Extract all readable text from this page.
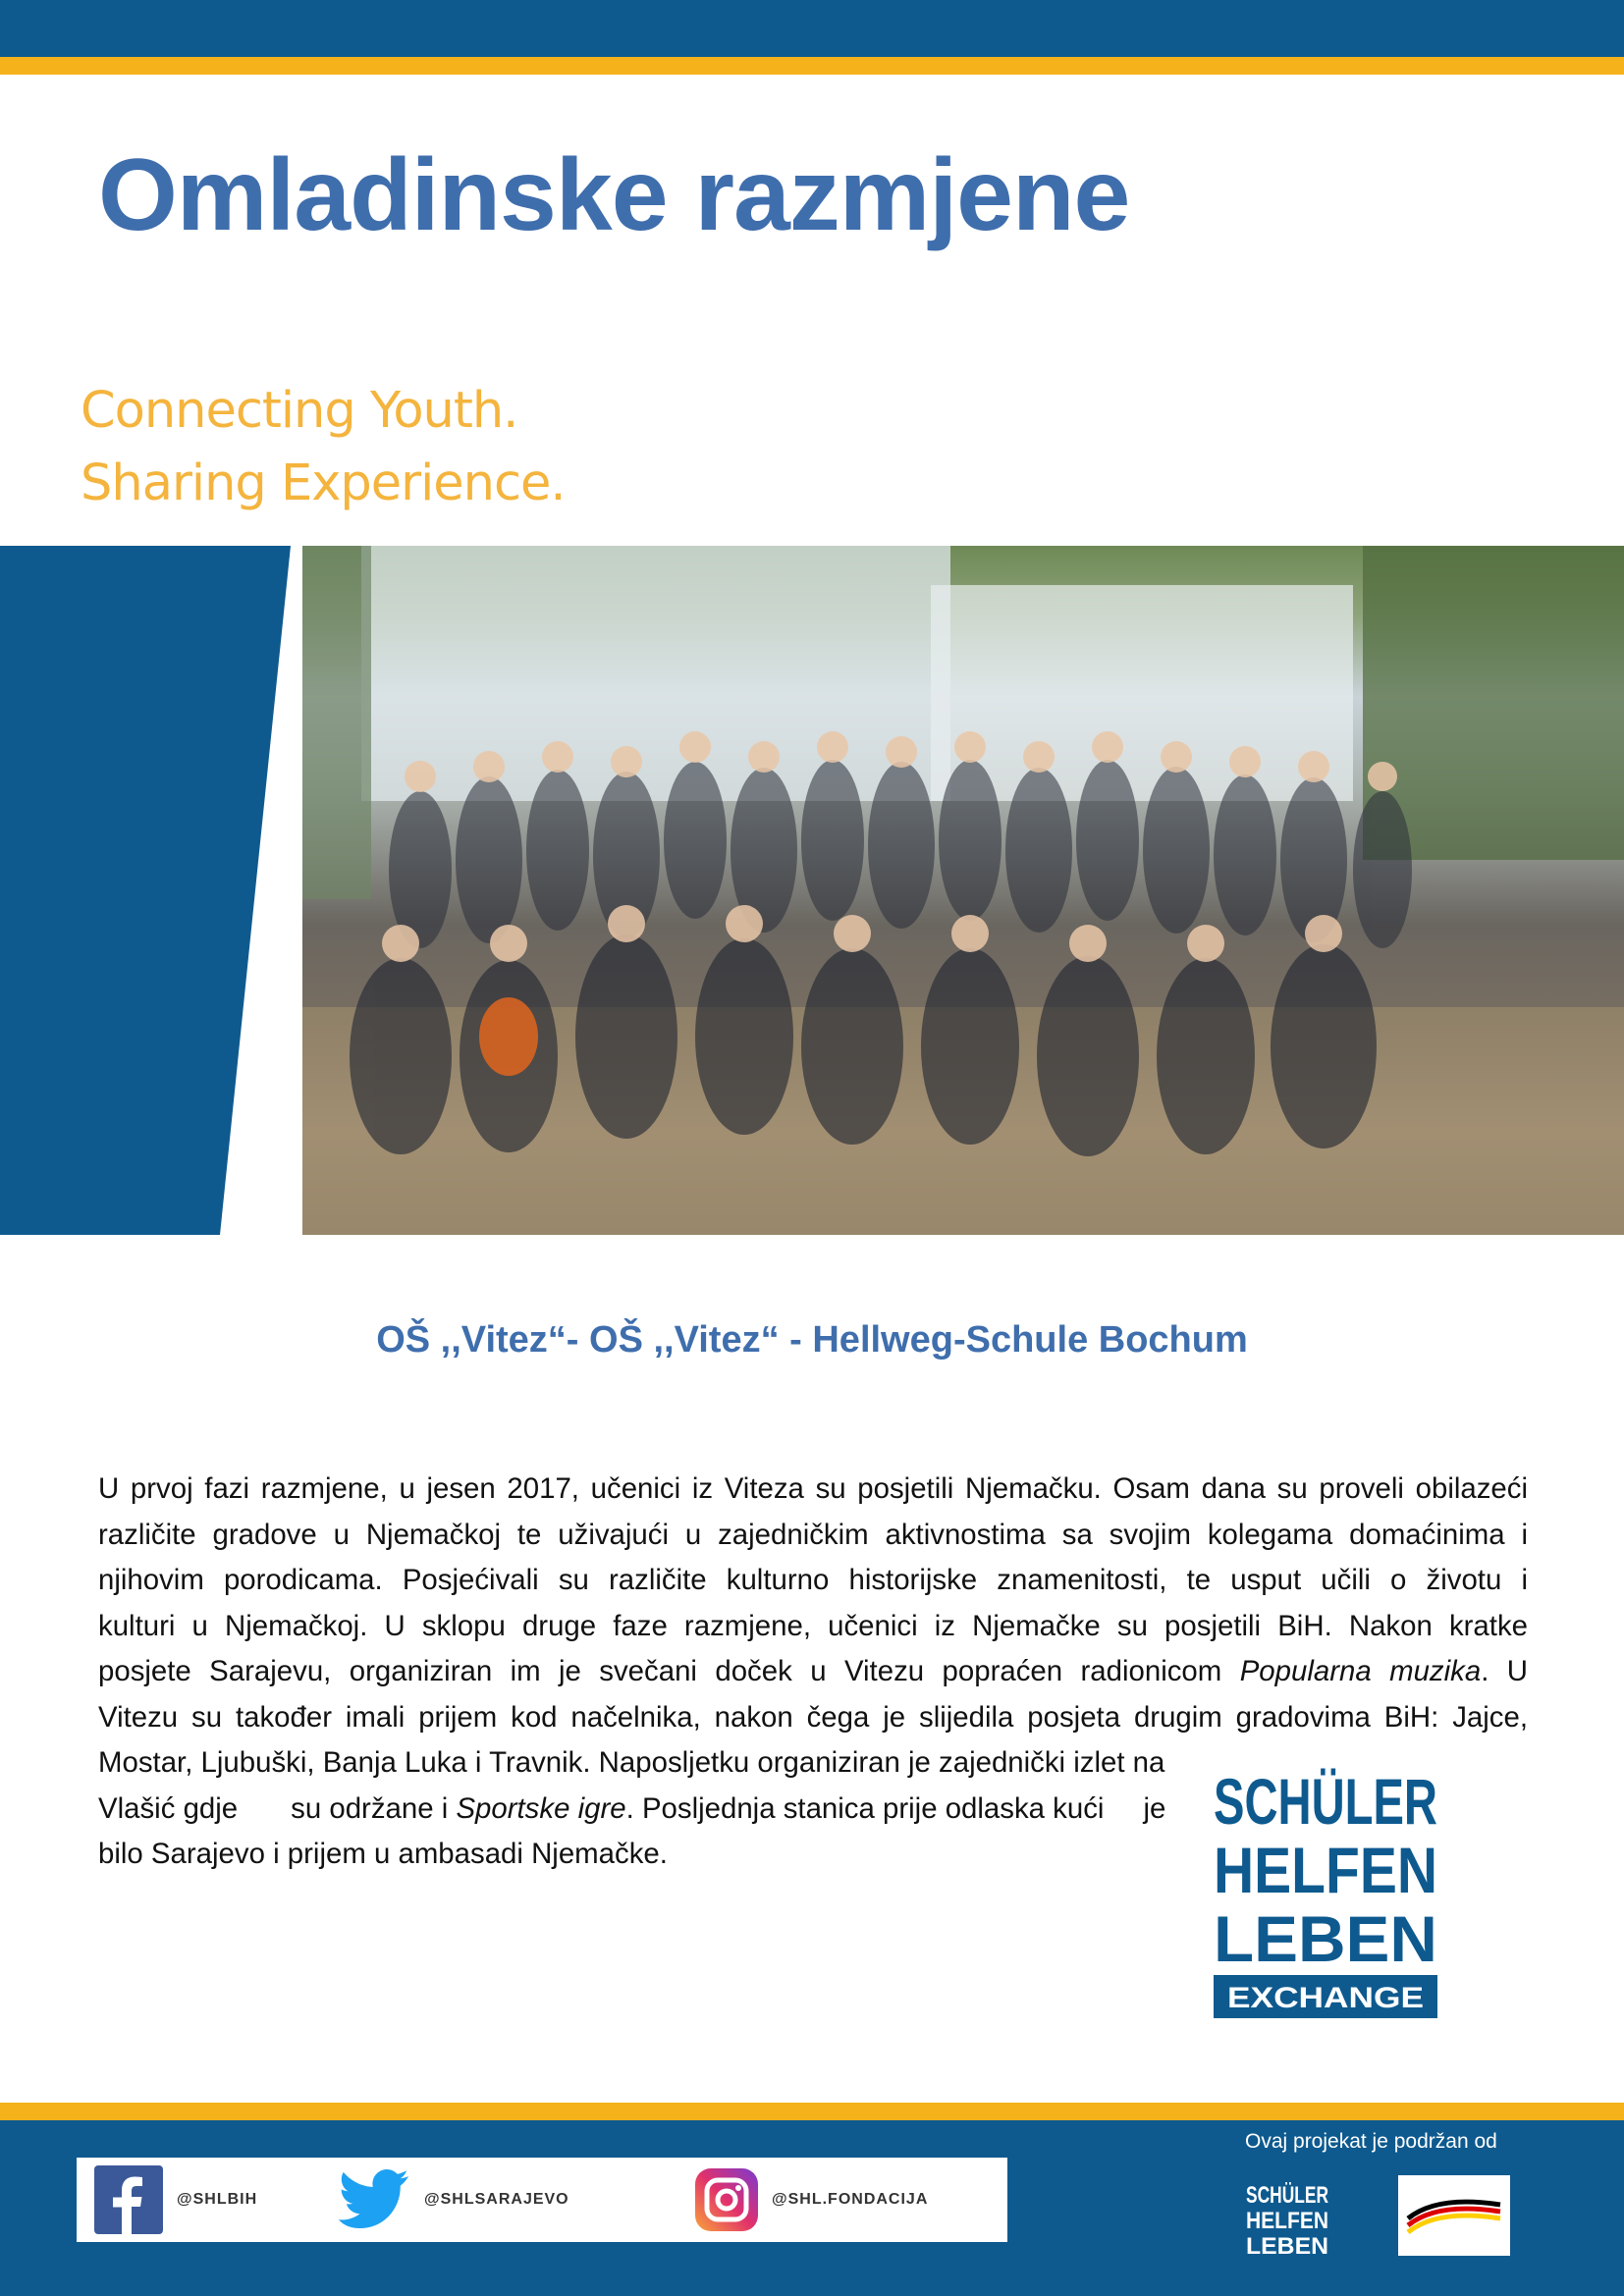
Omladinske razmjene
Connecting Youth.
Sharing Experience.
OŠ ,,Vitez“- OŠ ,,Vitez“ - Hellweg-Schule Bochum
U prvoj fazi razmjene, u jesen 2017, učenici iz Viteza su posjetili Njemačku. Osam dana su proveli obilazeći
različite gradove u Njemačkoj te uživajući u zajedničkim aktivnostima sa svojim kolegama domaćinima i
njihovim porodicama. Posjećivali su različite kulturno historijske znamenitosti, te usput učili o životu i
kulturi u Njemačkoj. U sklopu druge faze razmjene, učenici iz Njemačke su posjetili BiH. Nakon kratke
posjete Sarajevu, organiziran im je svečani doček u Vitezu popraćen radionicom Popularna muzika. U
Vitezu su također imali prijem kod načelnika, nakon čega je slijedila posjeta drugim gradovima BiH: Jajce,
Mostar, Ljubuški, Banja Luka i Travnik. Naposljetku organiziran je zajednički izlet na
Vlašić gdje su održane i Sportske igre. Posljednja stanica prije odlaska kući je
bilo Sarajevo i prijem u ambasadi Njemačke.
SCHÜLER
HELFEN
LEBEN
EXCHANGE
@SHLBIH	@SHLSARAJEVO	@SHL.FONDACIJA
Ovaj projekat je podržan od
SCHÜLER
HELFEN
LEBEN
